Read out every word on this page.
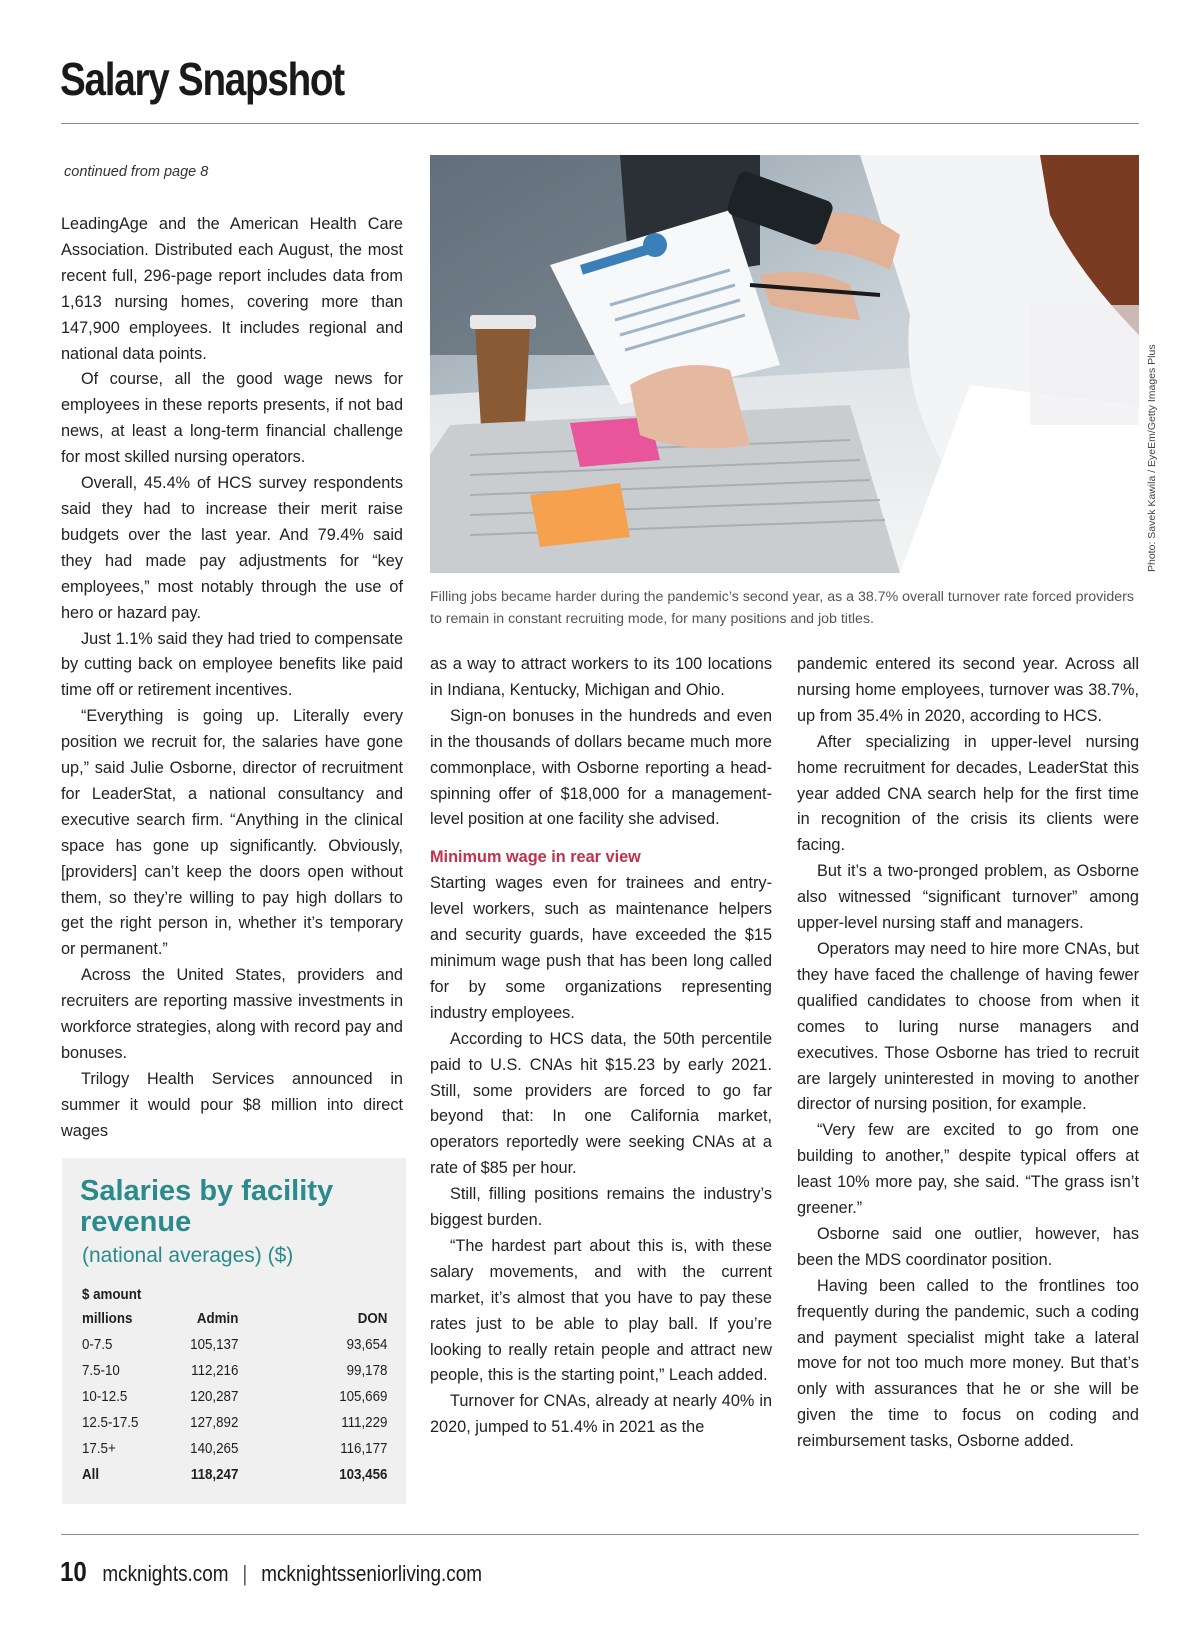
Salary Snapshot
continued from page 8

LeadingAge and the American Health Care Association. Distributed each August, the most recent full, 296-page report includes data from 1,613 nursing homes, covering more than 147,900 employees. It includes regional and national data points.

Of course, all the good wage news for employees in these reports presents, if not bad news, at least a long-term financial challenge for most skilled nursing operators.

Overall, 45.4% of HCS survey respondents said they had to increase their merit raise budgets over the last year. And 79.4% said they had made pay adjustments for “key employees,” most notably through the use of hero or hazard pay.

Just 1.1% said they had tried to compensate by cutting back on employee benefits like paid time off or retirement incentives.

“Everything is going up. Literally every position we recruit for, the salaries have gone up,” said Julie Osborne, director of recruitment for LeaderStat, a national consultancy and executive search firm. “Anything in the clinical space has gone up significantly. Obviously, [providers] can’t keep the doors open without them, so they’re willing to pay high dollars to get the right person in, whether it’s temporary or permanent.”

Across the United States, providers and recruiters are reporting massive investments in workforce strategies, along with record pay and bonuses.

Trilogy Health Services announced in summer it would pour $8 million into direct wages

Photo: Savek Kawila / EyeEm/Getty Images Plus
Filling jobs became harder during the pandemic’s second year, as a 38.7% overall turnover rate forced providers to remain in constant recruiting mode, for many positions and job titles.

as a way to attract workers to its 100 locations in Indiana, Kentucky, Michigan and Ohio.

Sign-on bonuses in the hundreds and even in the thousands of dollars became much more commonplace, with Osborne reporting a head-spinning offer of $18,000 for a management-level position at one facility she advised.

Minimum wage in rear view

Starting wages even for trainees and entry-level workers, such as maintenance helpers and security guards, have exceeded the $15 minimum wage push that has been long called for by some organizations representing industry employees.

According to HCS data, the 50th percentile paid to U.S. CNAs hit $15.23 by early 2021. Still, some providers are forced to go far beyond that: In one California market, operators reportedly were seeking CNAs at a rate of $85 per hour.

Still, filling positions remains the industry’s biggest burden.

“The hardest part about this is, with these salary movements, and with the current market, it’s almost that you have to pay these rates just to be able to play ball. If you’re looking to really retain people and attract new people, this is the starting point,” Leach added.

Turnover for CNAs, already at nearly 40% in 2020, jumped to 51.4% in 2021 as the

pandemic entered its second year. Across all nursing home employees, turnover was 38.7%, up from 35.4% in 2020, according to HCS.

After specializing in upper-level nursing home recruitment for decades, LeaderStat this year added CNA search help for the first time in recognition of the crisis its clients were facing.

But it’s a two-pronged problem, as Osborne also witnessed “significant turnover” among upper-level nursing staff and managers.

Operators may need to hire more CNAs, but they have faced the challenge of having fewer qualified candidates to choose from when it comes to luring nurse managers and executives. Those Osborne has tried to recruit are largely uninterested in moving to another director of nursing position, for example.

“Very few are excited to go from one building to another,” despite typical offers at least 10% more pay, she said. “The grass isn’t greener.”

Osborne said one outlier, however, has been the MDS coordinator position.

Having been called to the frontlines too frequently during the pandemic, such a coding and payment specialist might take a lateral move for not too much more money. But that’s only with assurances that he or she will be given the time to focus on coding and reimbursement tasks, Osborne added.

Salaries by facility revenue
(national averages) ($)
$ amount
millions	Admin	DON
0-7.5	105,137	93,654
7.5-10	112,216	99,178
10-12.5	120,287	105,669
12.5-17.5	127,892	111,229
17.5+	140,265	116,177
All	118,247	103,456
10 mcknights.com | mcknightsseniorliving.com
